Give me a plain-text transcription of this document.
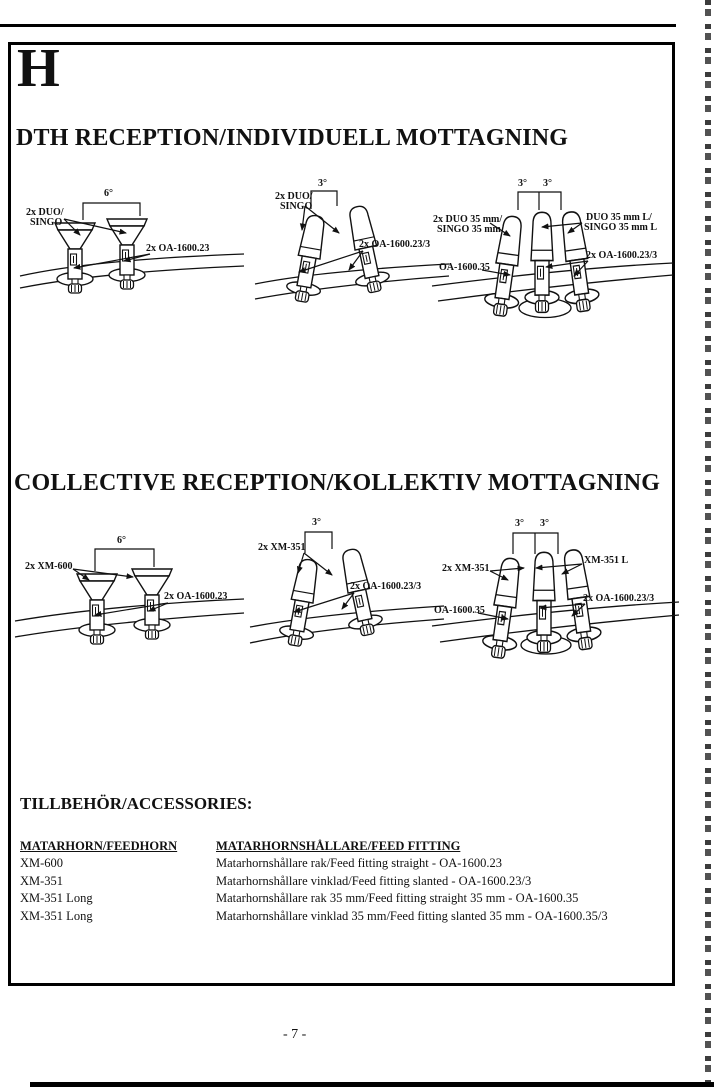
H
DTH RECEPTION/INDIVIDUELL MOTTAGNING
6°
2x DUO/
SINGO
2x OA-1600.23
3°
2x DUO/
SINGO
2x OA-1600.23/3
3° 3°
2x DUO 35 mm/
SINGO 35 mm
DUO 35 mm L/
SINGO 35 mm L
OA-1600.35
2x OA-1600.23/3
COLLECTIVE RECEPTION/KOLLEKTIV MOTTAGNING
6°
2x XM-600
2x OA-1600.23
3°
2x XM-351
2x OA-1600.23/3
3° 3°
2x XM-351
XM-351 L
OA-1600.35
2x OA-1600.23/3
TILLBEHÖR/ACCESSORIES:
MATARHORN/FEEDHORN	MATARHORNSHÅLLARE/FEED FITTING
XM-600	Matarhornshållare rak/Feed fitting straight - OA-1600.23
XM-351	Matarhornshållare vinklad/Feed fitting slanted - OA-1600.23/3
XM-351 Long	Matarhornshållare rak 35 mm/Feed fitting straight 35 mm - OA-1600.35
XM-351 Long	Matarhornshållare vinklad 35 mm/Feed fitting slanted 35 mm - OA-1600.35/3
- 7 -
